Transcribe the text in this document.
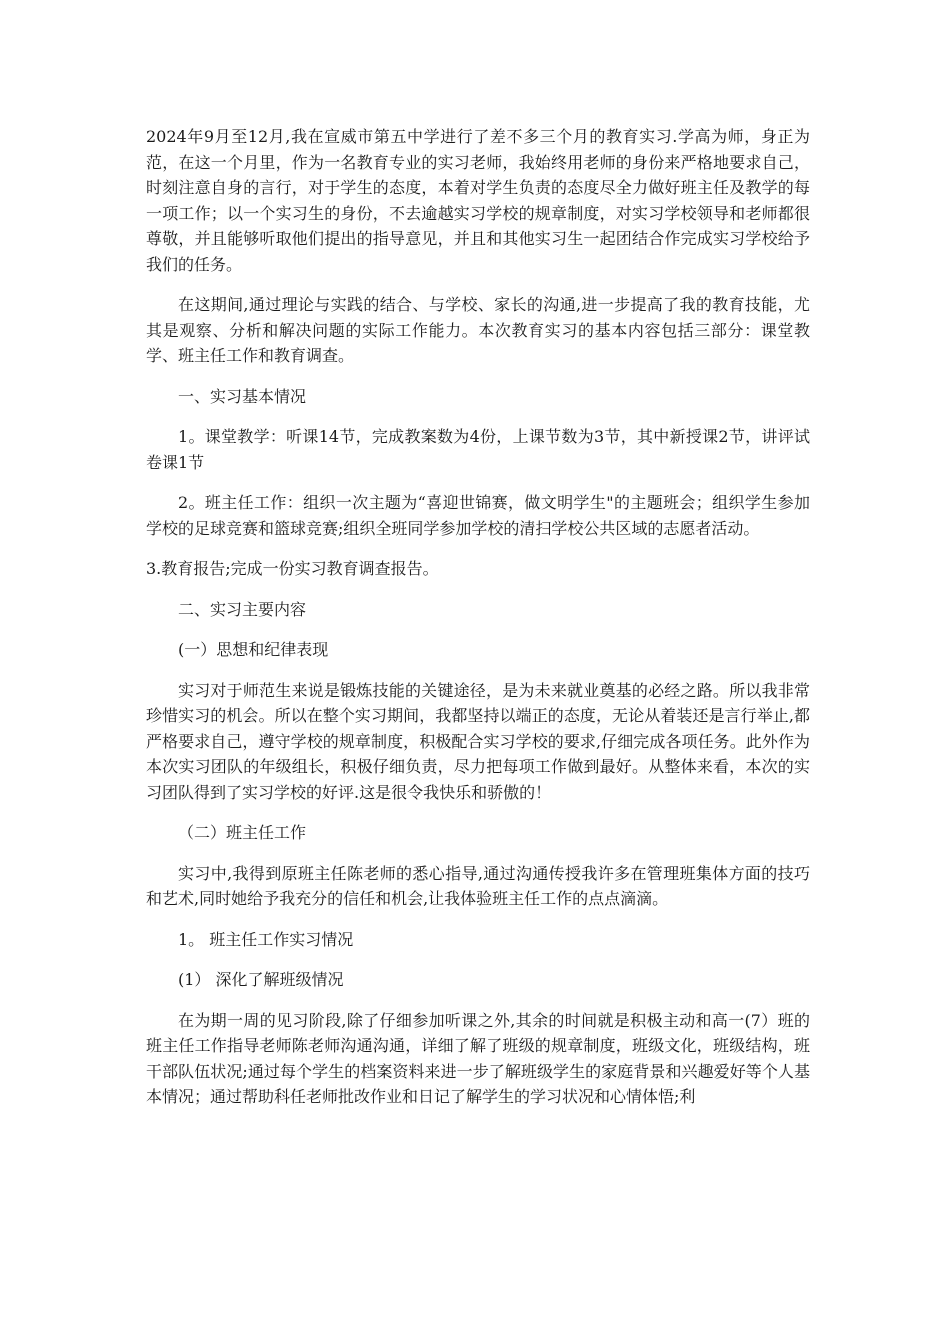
2024年9月至12月,我在宣威市第五中学进行了差不多三个月的教育实习.学高为师，身正为范，在这一个月里，作为一名教育专业的实习老师，我始终用老师的身份来严格地要求自己，时刻注意自身的言行，对于学生的态度，本着对学生负责的态度尽全力做好班主任及教学的每一项工作；以一个实习生的身份，不去逾越实习学校的规章制度，对实习学校领导和老师都很尊敬，并且能够听取他们提出的指导意见，并且和其他实习生一起团结合作完成实习学校给予我们的任务。

在这期间,通过理论与实践的结合、与学校、家长的沟通,进一步提高了我的教育技能，尤其是观察、分析和解决问题的实际工作能力。本次教育实习的基本内容包括三部分：课堂教学、班主任工作和教育调查。

一、实习基本情况

1。课堂教学：听课14节，完成教案数为4份，上课节数为3节，其中新授课2节，讲评试卷课1节

2。班主任工作：组织一次主题为“喜迎世锦赛，做文明学生"的主题班会；组织学生参加学校的足球竞赛和篮球竞赛;组织全班同学参加学校的清扫学校公共区域的志愿者活动。

3.教育报告;完成一份实习教育调查报告。

二、实习主要内容

(一）思想和纪律表现

实习对于师范生来说是锻炼技能的关键途径，是为未来就业奠基的必经之路。所以我非常珍惜实习的机会。所以在整个实习期间，我都坚持以端正的态度，无论从着装还是言行举止,都严格要求自己，遵守学校的规章制度，积极配合实习学校的要求,仔细完成各项任务。此外作为本次实习团队的年级组长，积极仔细负责，尽力把每项工作做到最好。从整体来看，本次的实习团队得到了实习学校的好评.这是很令我快乐和骄傲的！

（二）班主任工作

实习中,我得到原班主任陈老师的悉心指导,通过沟通传授我许多在管理班集体方面的技巧和艺术,同时她给予我充分的信任和机会,让我体验班主任工作的点点滴滴。

1。 班主任工作实习情况

(1） 深化了解班级情况

在为期一周的见习阶段,除了仔细参加听课之外,其余的时间就是积极主动和高一(7）班的班主任工作指导老师陈老师沟通沟通，详细了解了班级的规章制度，班级文化，班级结构，班干部队伍状况;通过每个学生的档案资料来进一步了解班级学生的家庭背景和兴趣爱好等个人基本情况；通过帮助科任老师批改作业和日记了解学生的学习状况和心情体悟;利
